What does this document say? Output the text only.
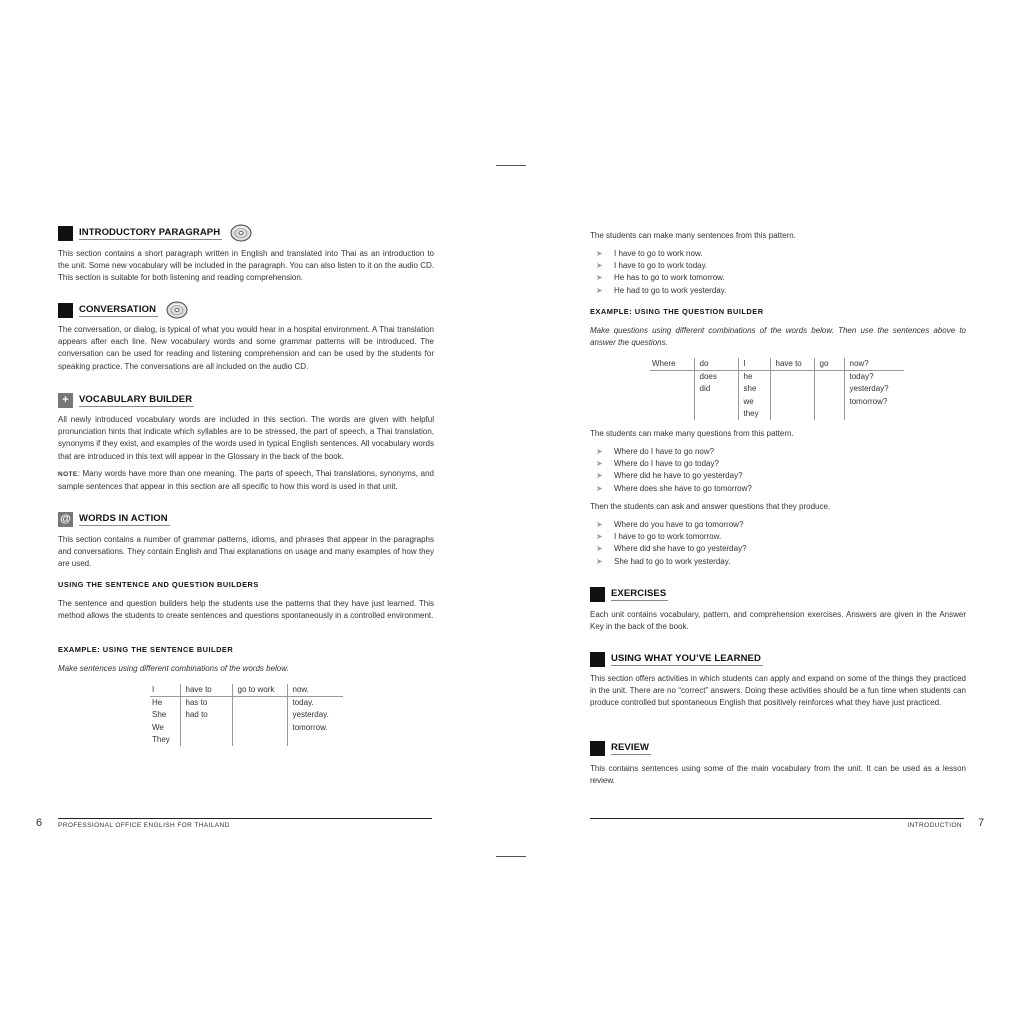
INTRODUCTORY PARAGRAPH

This section contains a short paragraph written in English and translated into Thai as an introduction to the unit. Some new vocabulary will be included in the paragraph. You can also listen to it on the audio CD. This section is suitable for both listening and reading comprehension.

CONVERSATION

The conversation, or dialog, is typical of what you would hear in a hospital environment. A Thai translation appears after each line. New vocabulary words and some grammar patterns will be introduced. The conversation can be used for reading and listening comprehension and can be used by the students for speaking practice. The conversations are all included on the audio CD.

+	VOCABULARY BUILDER

All newly introduced vocabulary words are included in this section. The words are given with helpful pronunciation hints that indicate which syllables are to be stressed, the part of speech, a Thai translation, synonyms if they exist, and examples of the words used in typical English sentences. All vocabulary words that are introduced in this text will appear in the Glossary in the back of the book.

NOTE: Many words have more than one meaning. The parts of speech, Thai translations, synonyms, and sample sentences that appear in this section are all specific to how this word is used in that unit.

@ WORDS IN ACTION

This section contains a number of grammar patterns, idioms, and phrases that appear in the paragraphs and conversations. They contain English and Thai explanations on usage and many examples of how they are used.

USING THE SENTENCE AND QUESTION BUILDERS

The sentence and question builders help the students use the patterns that they have just learned. This method allows the students to create sentences and questions spontaneously in a controlled environment.

EXAMPLE: USING THE SENTENCE BUILDER

Make sentences using different combinations of the words below.

I	have to	go to work	now.
He	has to		today.
She	had to		yesterday.
We			tomorrow.
They			
6 PROFESSIONAL OFFICE ENGLISH FOR THAILAND

The students can make many sentences from this pattern.

➤ I have to go to work now.
➤ I have to go to work today.
➤ He has to go to work tomorrow.
➤ He had to go to work yesterday.
EXAMPLE: USING THE QUESTION BUILDER

Make questions using different combinations of the words below. Then use the sentences above to answer the questions.

Where	do	I	have to	go	now?
	does	he			today?
	did	she			yesterday?
		we			tomorrow?
		they			

The students can make many questions from this pattern.

➤ Where do I have to go now?
➤ Where do I have to go today?
➤ Where did he have to go yesterday?
➤ Where does she have to go tomorrow?

Then the students can ask and answer questions that they produce.

➤ Where do you have to go tomorrow?
➤ I have to go to work tomorrow.
➤ Where did she have to go yesterday?
➤ She had to go to work yesterday.
EXERCISES

Each unit contains vocabulary, pattern, and comprehension exercises. Answers are given in the Answer Key in the back of the book.

USING WHAT YOU’VE LEARNED

This section offers activities in which students can apply and expand on some of the things they practiced in the unit. There are no “correct” answers. Doing these activities should be a fun time when students can produce controlled but spontaneous English that positively reinforces what they have just practiced.

REVIEW

This contains sentences using some of the main vocabulary from the unit. It can be used as a lesson review.

INTRODUCTION 7
